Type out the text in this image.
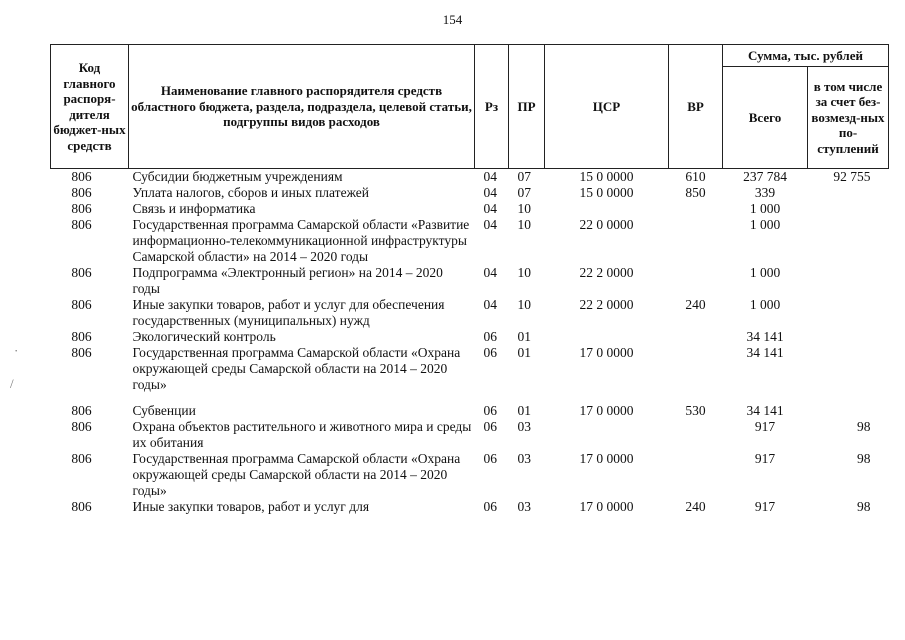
154
·
/
Код главного распоря-дителя бюджет-ных средств	Наименование главного распорядителя средств областного бюджета, раздела, подраздела, целевой статьи, подгруппы видов расходов	Рз	ПР	ЦСР	ВР	Сумма, тыс. рублей	
						Всего	в том числе за счет без-возмезд-ных по-ступлений
806	Субсидии бюджетным учреждениям	04	07	15 0 0000	610	237 784	92 755
806	Уплата налогов, сборов и иных платежей	04	07	15 0 0000	850	339	
806	Связь и информатика	04	10			1 000	
806	Государственная программа Самарской области «Развитие информационно-телекоммуникационной инфраструктуры Самарской области» на 2014 – 2020 годы	04	10	22 0 0000		1 000	
806	Подпрограмма «Электронный регион» на 2014 – 2020 годы	04	10	22 2 0000		1 000	
806	Иные закупки товаров, работ и услуг для обеспечения государственных (муниципальных) нужд	04	10	22 2 0000	240	1 000	
806	Экологический контроль	06	01			34 141	
806	Государственная программа Самарской области «Охрана окружающей среды Самарской области на 2014 – 2020 годы»	06	01	17 0 0000		34 141	
806	Субвенции	06	01	17 0 0000	530	34 141	
806	Охрана объектов растительного и животного мира и среды их обитания	06	03			917	98
806	Государственная программа Самарской области «Охрана окружающей среды Самарской области на 2014 – 2020 годы»	06	03	17 0 0000		917	98
806	Иные закупки товаров, работ и услуг для	06	03	17 0 0000	240	917	98
